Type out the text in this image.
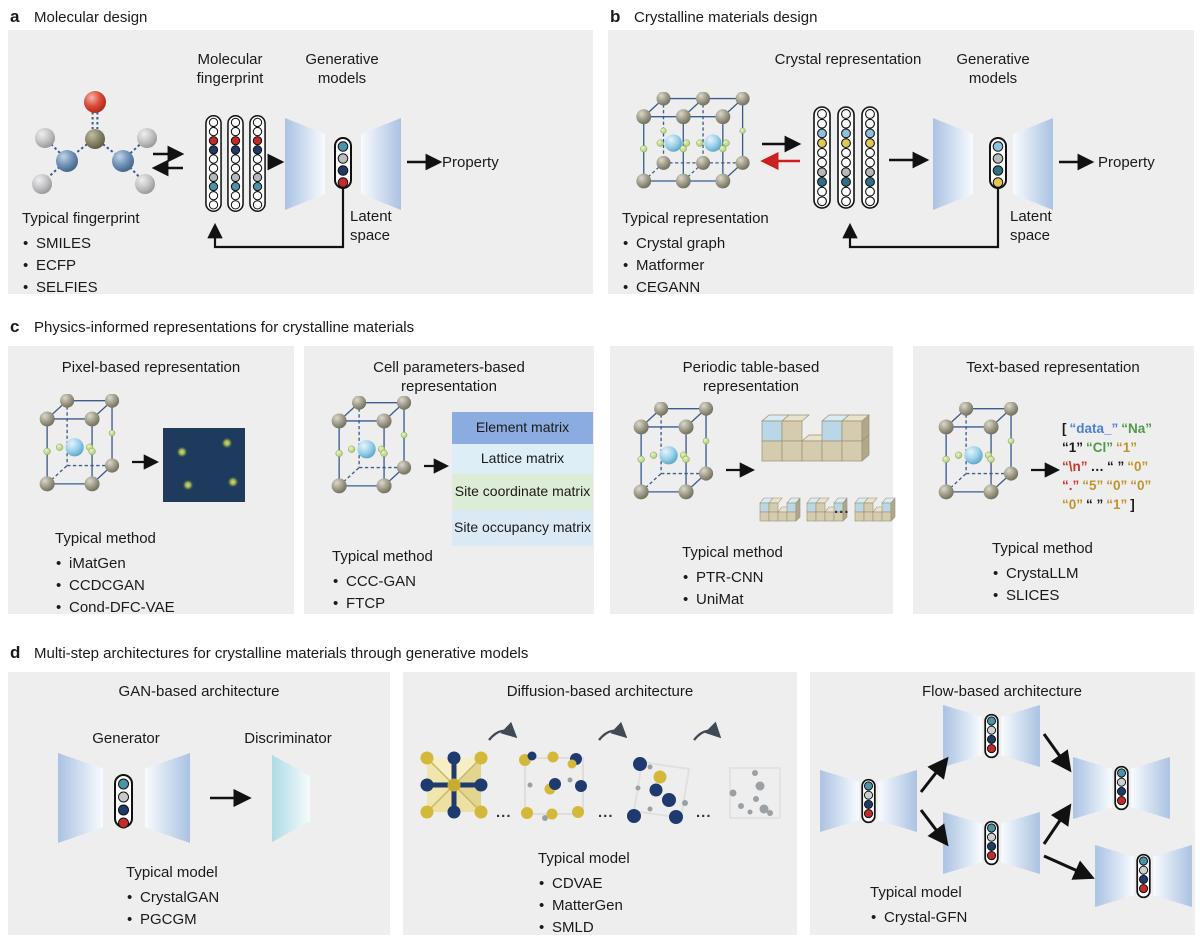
a Molecular design	b Crystalline materials design
c Physics-informed representations for crystalline materials
d Multi-step architectures for crystalline materials through generative models
Molecular fingerprint
Generative models
Property
Latent space
Typical fingerprint
• SMILES
• ECFP
• SELFIES
Crystal representation	Generative models
Property
Latent space
Typical representation
• Crystal graph
• Matformer
• CEGANN
Pixel-based representation
Typical method
• iMatGen
• CCDCGAN
• Cond-DFC-VAE
Cell parameters-based representation
Element matrix
Lattice matrix
Site coordinate matrix
Site occupancy matrix
Typical method
• CCC-GAN
• FTCP
Periodic table-based representation
...
Typical method
• PTR-CNN
• UniMat
Text-based representation
[ “data_” “Na”
“1” “Cl” “1”
“\n” … “ ” “0”
“.” “5” “0” “0”
“0” “ ” “1” ]
Typical method
• CrystaLLM
• SLICES
GAN-based architecture
Generator	Discriminator
Typical model
• CrystalGAN
• PGCGM
Diffusion-based architecture
...	...	...
Typical model
• CDVAE
• MatterGen
• SMLD
Flow-based architecture
Typical model
• Crystal-GFN
